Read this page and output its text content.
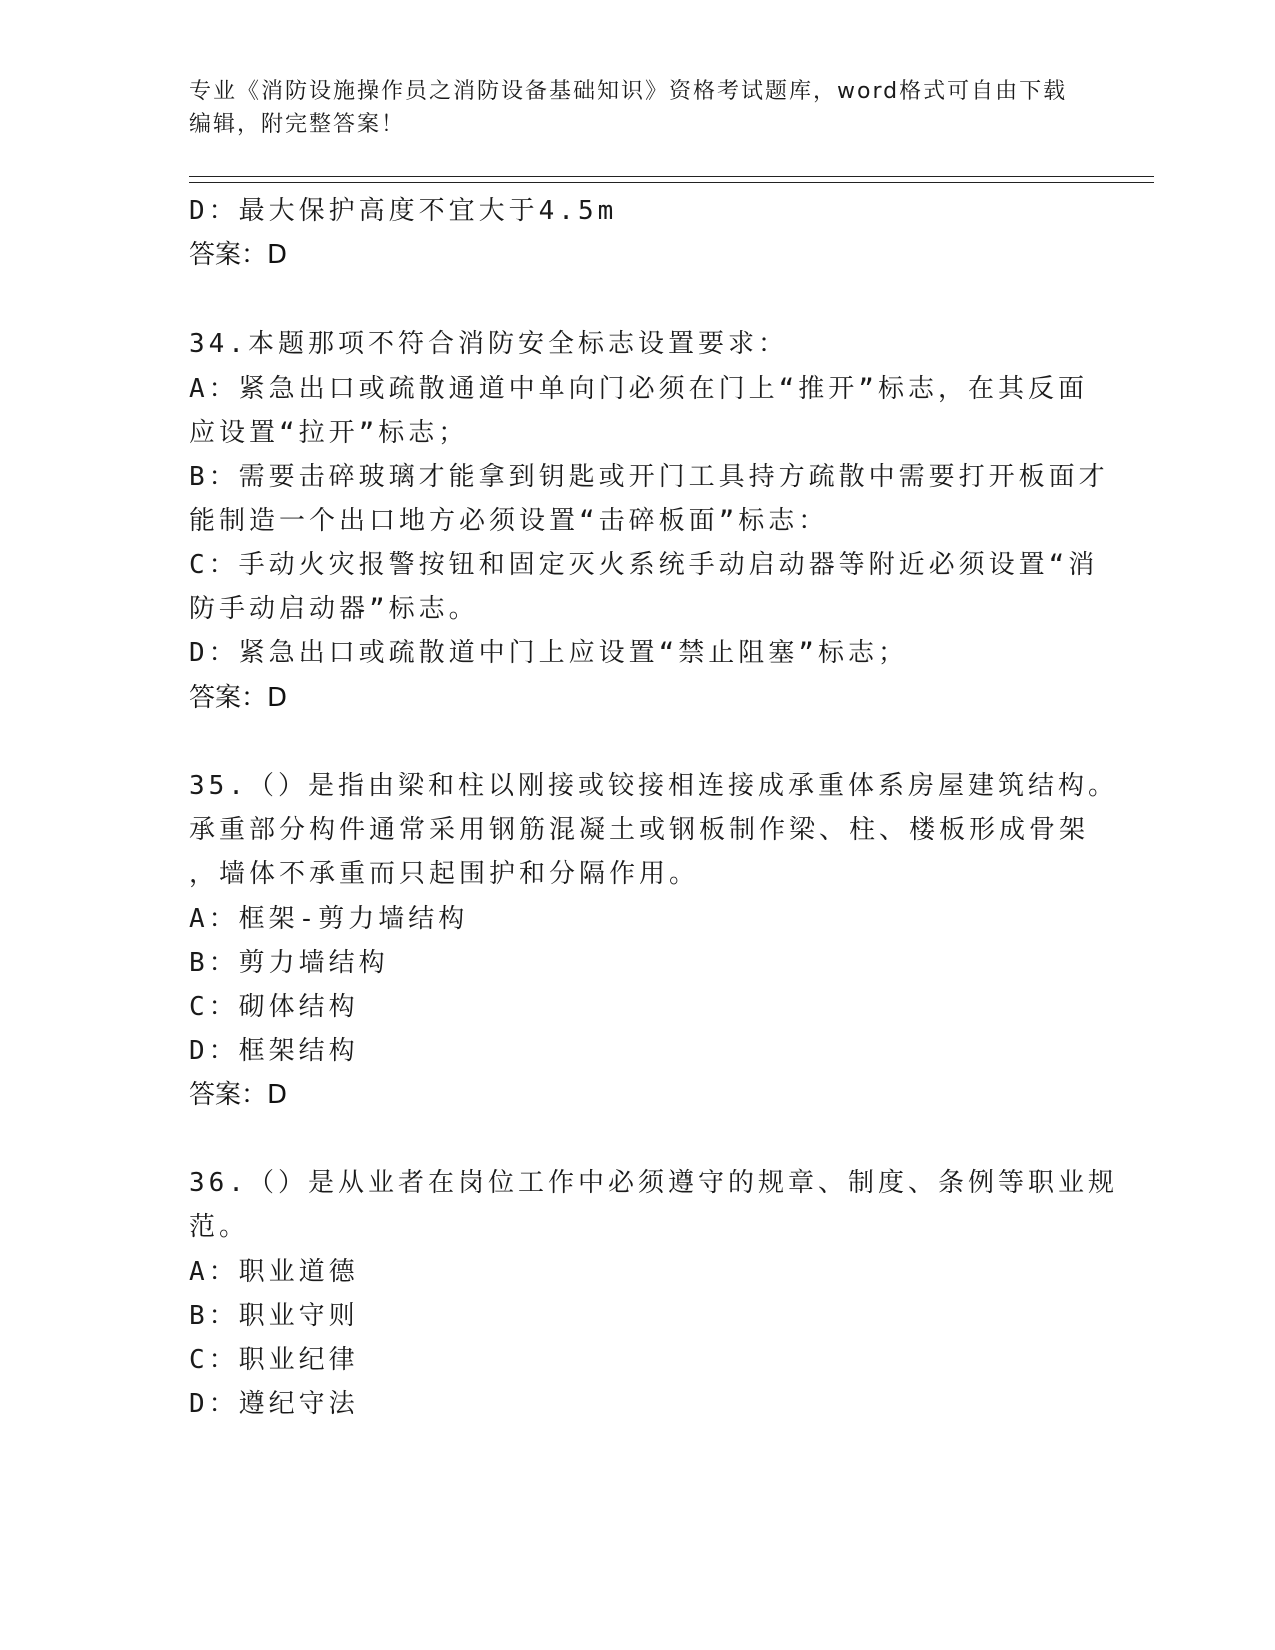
专业《消防设施操作员之消防设备基础知识》资格考试题库，word格式可自由下载编辑，附完整答案！
D：最大保护高度不宜大于4.5m
答案：D
34.本题那项不符合消防安全标志设置要求：
A：紧急出口或疏散通道中单向门必须在门上“推开”标志，在其反面
应设置“拉开”标志；
B：需要击碎玻璃才能拿到钥匙或开门工具持方疏散中需要打开板面才
能制造一个出口地方必须设置“击碎板面”标志：
C：手动火灾报警按钮和固定灭火系统手动启动器等附近必须设置“消
防手动启动器”标志。
D：紧急出口或疏散道中门上应设置“禁止阻塞”标志；
答案：D
35.（）是指由梁和柱以刚接或铰接相连接成承重体系房屋建筑结构。
承重部分构件通常采用钢筋混凝土或钢板制作梁、柱、楼板形成骨架
，墙体不承重而只起围护和分隔作用。
A：框架-剪力墙结构
B：剪力墙结构
C：砌体结构
D：框架结构
答案：D
36.（）是从业者在岗位工作中必须遵守的规章、制度、条例等职业规
范。
A：职业道德
B：职业守则
C：职业纪律
D：遵纪守法
